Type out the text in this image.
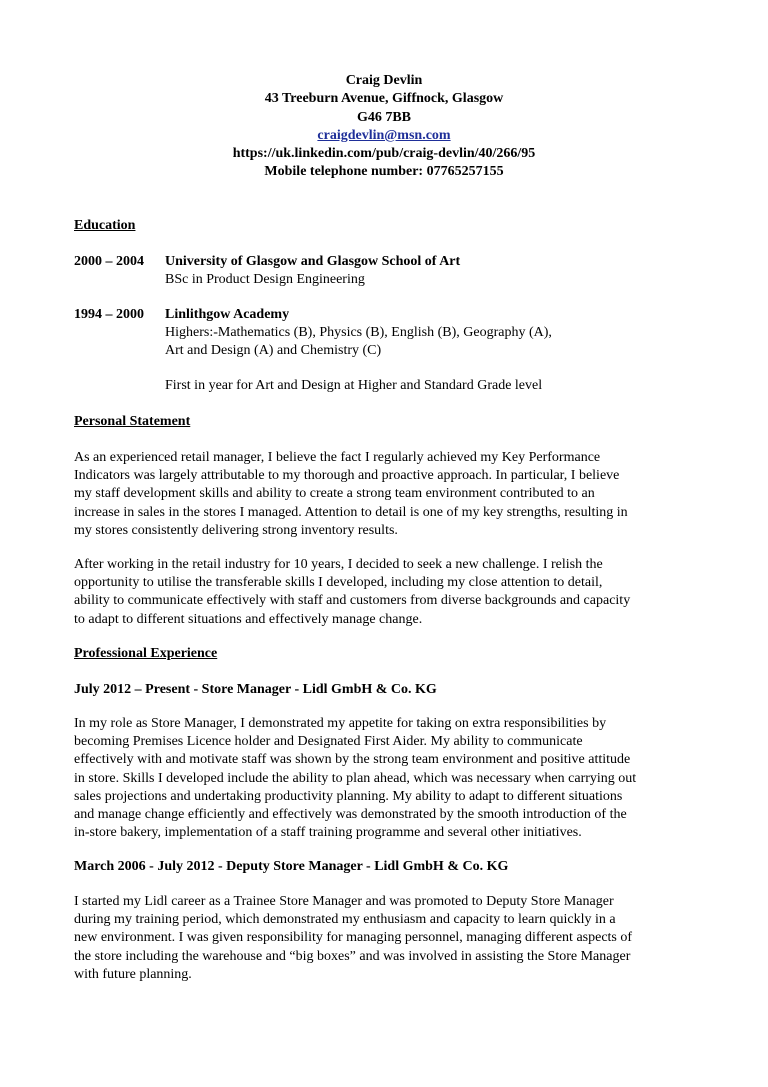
Craig Devlin
43 Treeburn Avenue, Giffnock, Glasgow
G46 7BB
craigdevlin@msn.com
https://uk.linkedin.com/pub/craig-devlin/40/266/95
Mobile telephone number: 07765257155
Education
2000 – 2004 University of Glasgow and Glasgow School of Art
BSc in Product Design Engineering
1994 – 2000 Linlithgow Academy
Highers:-Mathematics (B), Physics (B), English (B), Geography (A),
Art and Design (A) and Chemistry (C)
First in year for Art and Design at Higher and Standard Grade level
Personal Statement
As an experienced retail manager, I believe the fact I regularly achieved my Key Performance
Indicators was largely attributable to my thorough and proactive approach. In particular, I believe
my staff development skills and ability to create a strong team environment contributed to an
increase in sales in the stores I managed. Attention to detail is one of my key strengths, resulting in
my stores consistently delivering strong inventory results.
After working in the retail industry for 10 years, I decided to seek a new challenge. I relish the
opportunity to utilise the transferable skills I developed, including my close attention to detail,
ability to communicate effectively with staff and customers from diverse backgrounds and capacity
to adapt to different situations and effectively manage change.
Professional Experience
July 2012 – Present - Store Manager - Lidl GmbH & Co. KG
In my role as Store Manager, I demonstrated my appetite for taking on extra responsibilities by
becoming Premises Licence holder and Designated First Aider. My ability to communicate
effectively with and motivate staff was shown by the strong team environment and positive attitude
in store. Skills I developed include the ability to plan ahead, which was necessary when carrying out
sales projections and undertaking productivity planning. My ability to adapt to different situations
and manage change efficiently and effectively was demonstrated by the smooth introduction of the
in-store bakery, implementation of a staff training programme and several other initiatives.
March 2006 - July 2012 - Deputy Store Manager - Lidl GmbH & Co. KG
I started my Lidl career as a Trainee Store Manager and was promoted to Deputy Store Manager
during my training period, which demonstrated my enthusiasm and capacity to learn quickly in a
new environment. I was given responsibility for managing personnel, managing different aspects of
the store including the warehouse and “big boxes” and was involved in assisting the Store Manager
with future planning.
